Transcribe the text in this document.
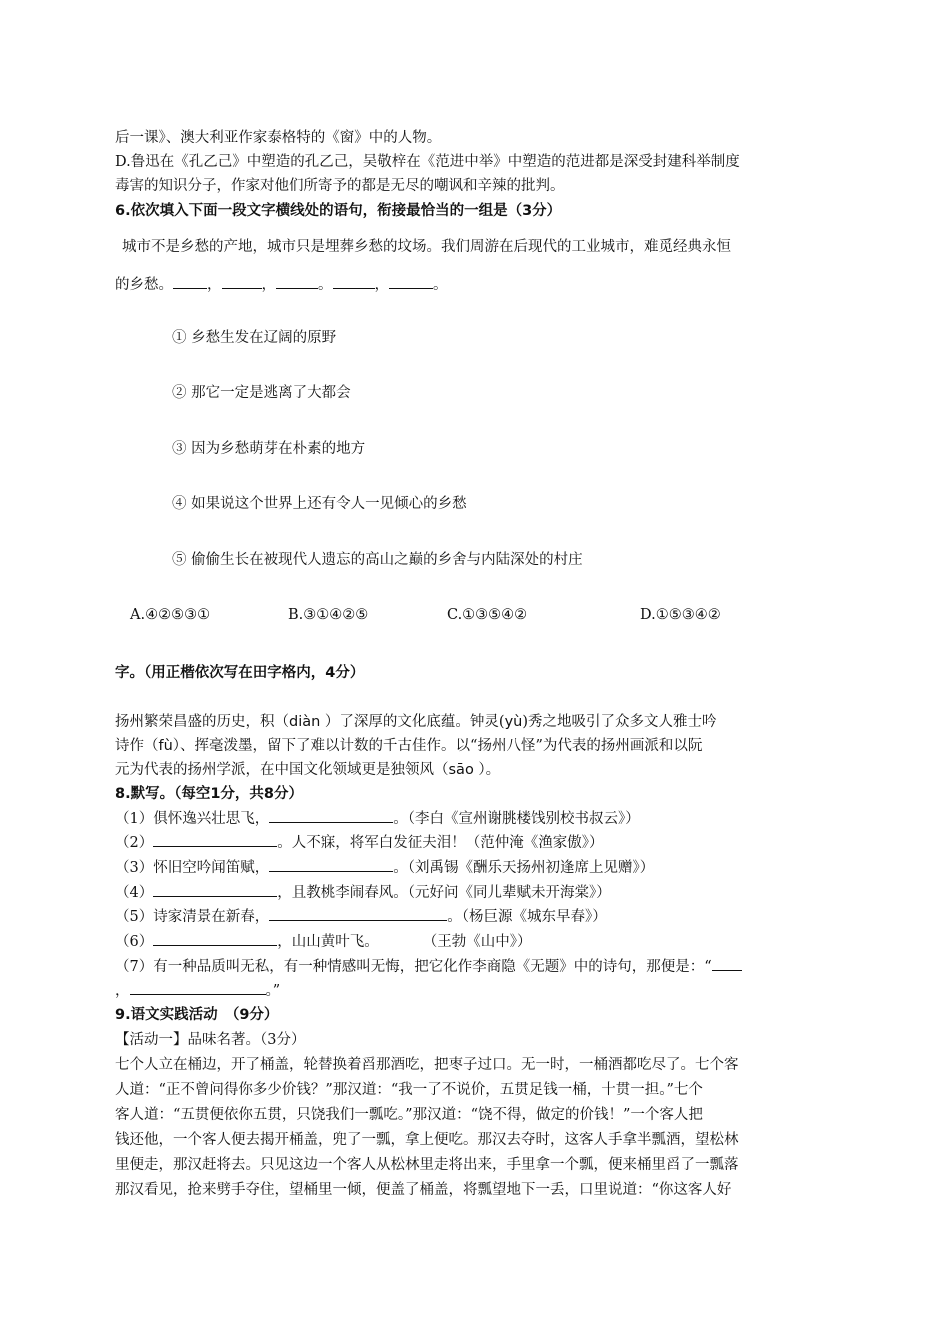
后一课》、澳大利亚作家泰格特的《窗》中的人物。
D.鲁迅在《孔乙己》中塑造的孔乙己，吴敬梓在《范进中举》中塑造的范进都是深受封建科举制度
毒害的知识分子，作家对他们所寄予的都是无尽的嘲讽和辛辣的批判。
6.依次填入下面一段文字横线处的语句，衔接最恰当的一组是（3分）
城市不是乡愁的产地，城市只是埋葬乡愁的坟场。我们周游在后现代的工业城市，难觅经典永恒
的乡愁。 ，	，	。	，	。
① 乡愁生发在辽阔的原野
② 那它一定是逃离了大都会
③ 因为乡愁萌芽在朴素的地方
④ 如果说这个世界上还有令人一见倾心的乡愁
⑤ 偷偷生长在被现代人遗忘的高山之巅的乡舍与内陆深处的村庄
A.④②⑤③①	B.③①④②⑤	C.①③⑤④②	D.①⑤③④②
字。（用正楷依次写在田字格内，4分）
扬州繁荣昌盛的历史，积（diàn ）了深厚的文化底蕴。钟灵(yù)秀之地吸引了众多文人雅士吟
诗作（fù）、挥毫泼墨，留下了难以计数的千古佳作。以“扬州八怪”为代表的扬州画派和以阮
元为代表的扬州学派，在中国文化领域更是独领风（sāo ）。
8.默写。（每空1分，共8分）
（1）俱怀逸兴壮思飞，	。（李白《宣州谢朓楼饯别校书叔云》）
（2）	。人不寐，将军白发征夫泪！（范仲淹《渔家傲》）
（3）怀旧空吟闻笛赋，	。（刘禹锡《酬乐天扬州初逢席上见赠》）
（4）	，且教桃李闹春风。（元好问《同儿辈赋未开海棠》）
（5）诗家清景在新春，	。（杨巨源《城东早春》）
（6）	，山山黄叶飞。	（王勃《山中》）
（7）有一种品质叫无私，有一种情感叫无悔，把它化作李商隐《无题》中的诗句，那便是：“
，	。”
9.语文实践活动　（9分）
【活动一】品味名著。（3分）
七个人立在桶边，开了桶盖，轮替换着舀那酒吃，把枣子过口。无一时，一桶酒都吃尽了。七个客
人道：“正不曾问得你多少价钱？”那汉道：“我一了不说价，五贯足钱一桶，十贯一担。”七个
客人道：“五贯便依你五贯，只饶我们一瓢吃。”那汉道：“饶不得，做定的价钱！”一个客人把
钱还他，一个客人便去揭开桶盖，兜了一瓢，拿上便吃。那汉去夺时，这客人手拿半瓢酒，望松林
里便走，那汉赶将去。只见这边一个客人从松林里走将出来，手里拿一个瓢，便来桶里舀了一瓢落
那汉看见，抢来劈手夺住，望桶里一倾，便盖了桶盖，将瓢望地下一丢，口里说道：“你这客人好
